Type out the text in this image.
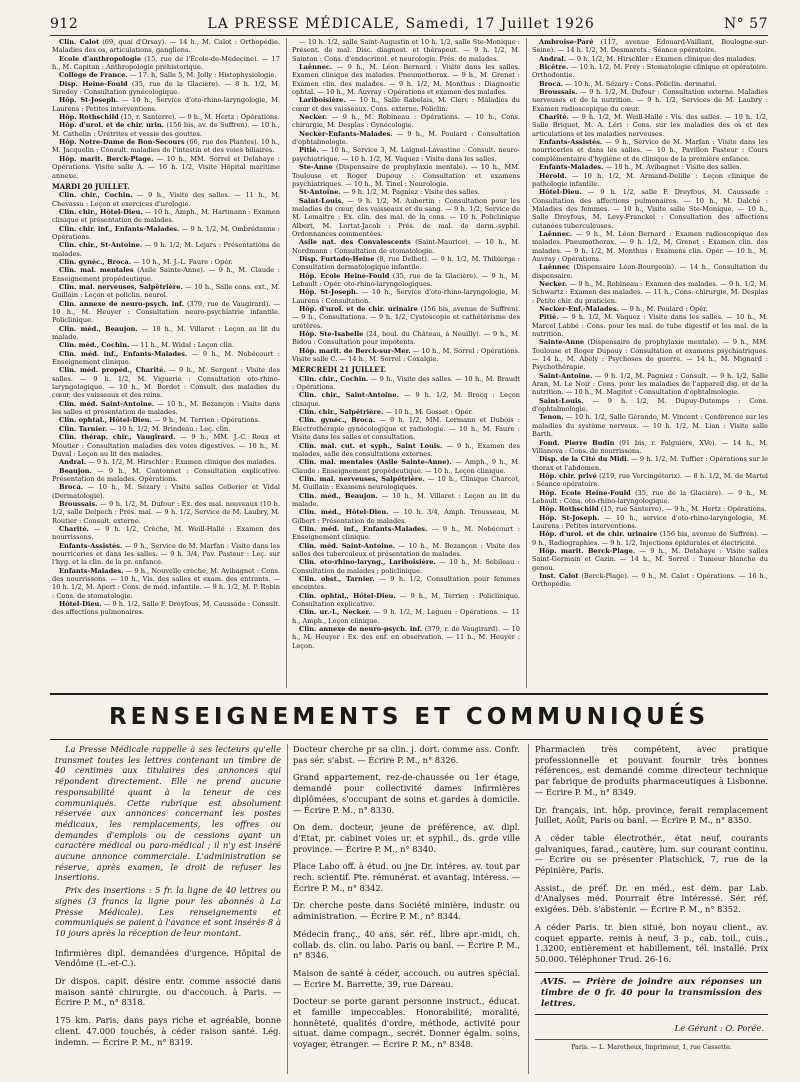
912	LA PRESSE MÉDICALE, Samedi, 17 Juillet 1926	N° 57

Clin. Calot (69, quai d'Orsay). — 14 h., M. Calot : Orthopédie. Maladies des os, articulations, ganglions.

Ecole d'anthropologie (15, rue de l'École-de-Médecine). — 17 h., M. Capitan : Anthropologie préhistorique.

Collège de France. — 17. h, Salle 5, M. Jolly : Histophysiologie.

Disp. Heine-Fould (35, rue de la Glacière). — 8 h. 1/2, M. Siredey : Consultation gynécologique.

Hôp. St-Joseph. — 10 h., Service d'oto-rhino-laryngologie, M. Laurens : Petites interventions.

Hôp. Rothschild (15, r. Santerre). — 9 h., M. Hertz : Opérations.

Hôp. d'urol. et de chir. urin. (156 bis, av. de Suffren). — 10 h., M. Cathelin : Urétrites et vessie des gouttes.

Hôp. Notre-Dame de Bon-Secours (66, rue des Plantes). 10 h., M. Jacquelin : Consult. maladies de l'intestin et des voies biliaires.

Hôp. marit. Berck-Plage. — 10 h., MM. Sorrel et Delahaye : Opérations. Visite salle A. — 16 h. 1/2, Visite Hôpital maritime annexe.

MARDI 20 JUILLET.

Clin. chir., Cochin. — 9 h., Visite des salles. — 11 h., M. Chevassu : Leçon et exercices d'urologie.

Clin. chir., Hôtel-Dieu. — 10 h., Amph., M. Hartmann : Examen clinique et présentation de malades.

Clin. chir. inf., Enfants-Malades. — 9 h. 1/2, M. Ombrédanne : Opérations.

Clin. chir., St-Antoine. — 9 h. 1/2, M. Lejars : Présentations de malades.

Clin. gynéc., Broca. — 10 h., M. J.-L. Faure : Opér.

Clin. mal. mentales (Asile Sainte-Anne). — 9 h., M. Claude : Enseignement propédeutique.

Clin. mal. nerveuses, Salpêtrière. — 10 h., Salle cons. ext., M. Guillain : Leçon et policlin. neurol.

Clin. annexe de neuro-psych. inf. (379, rue de Vaugirard). — 10 h., M. Heuyer : Consultation neuro-psychiatrie infantile. Policlinique.

Clin. méd., Beaujon. — 18 h., M. Villaret : Leçon au lit du malade.

Clin. méd., Cochin. — 11 h., M. Widal : Leçon clin.

Clin. méd. inf., Enfants-Malades. — 9 h., M. Nobécourt : Enseignement clinique.

Clin. méd. propéd., Charité. — 9 h., M. Sergent : Visite des salles. — 9 h. 1/2, M. Viguerie : Consultation oto-rhino-laryngologique. — 10 h., M. Bordet : Consult. des maladies du cœur, des vaisseaux et des reins.

Clin. méd. Saint-Antoine. — 10 h., M. Bezançon : Visite dans les salles et présentation de malades.

Clin. ophtal., Hôtel-Dieu. — 9 h., M. Terrien : Opérations.

Clin. Tarnier. — 10 h. 1/2, M. Brindeau : Leç. clin.

Clin. thérap. chir., Vaugirard. — 9 h., MM. J.-C. Roux et Moutier : Consultation maladies des voies digestives. — 10 h., M. Duval : Leçon au lit des malades.

Andral. — 9 h. 1/2, M. Hirschler : Examen clinique des malades.

Beaujon. — 9 h., M. Cantonnet : Consultation explicative. Présentation de malades. Opérations.

Broca. — 10 h., M. Sézary : Visite salles Cellerier et Vidal (Dermatologie).

Broussais. — 9 h. 1/2, M. Dufour : Ex. des mal. nouveaux (10 h. 1/2, salle Delpech : Prés. mal. — 9 h. 1/2, Service de M. Laubry, M. Routier : Consult. externe.

Charité. — 9 h. 1/2, Crèche, M. Weill-Hallé : Examen des nourrissons.

Enfants-Assistés. — 9 h., Service de M. Marfan : Visite dans les nourriceries et dans les salles. — 9 h. 3/4, Pav. Pasteur : Leç. sur l'hyg. et la clin. de la pr. enfance.

Enfants-Malades. — 9 h., Nouvelle crèche, M. Avibagnet : Cons. des nourrissons. — 10 h., Vis. des salles et exam. des entrants. — 10 h. 1/2, M. Apert : Cons. de méd. infantile. — 9 h. 1/2, M. P. Robin : Cons. de stomatologie.

Hôtel-Dieu. — 9 h. 1/2, Salle F. Dreyfous, M. Caussade : Consult. des affections pulmonaires.

— 10 h. 1/2, salle Saint-Augustin et 10 h. 1/2, salle Ste-Monique : Présent. de mal. Disc. diagnost. et thérapeut. — 9 h. 1/2, M. Sainton : Cons. d'endocrinol. et neurologie. Prés. de malades.

Laënnec. — 9 h., M. Léon Bernard : Visite dans les salles. Examen clinique des malades. Pneumothorax. — 9 h., M. Grenet : Examen clin. des malades. — 9 h. 1/2, M. Monthus : Diagnostic ophtal. — 10 h., M. Auvray : Opérations et examen des malades.

Lariboisière. — 10 h., Salle Rabelais, M. Clerc : Maladies du cœur et des vaisseaux. Cons. externe. Policlin.

Necker. — 9 h., M. Robineau : Opérations. — 10 h., Cons. chirurgie, M. Desplas : Gynécologie.

Necker-Enfants-Malades. — 9 h., M. Poulard : Consultation d'ophtalmologie.

Pitié. — 10 h., Service 3, M. Laignel-Lavastine : Consult. neuro-psychiatrique. — 10 h. 1/2, M. Vaquez : Visite dans les salles.

Ste-Anne (Dispensaire de prophylaxie mentale). — 10 h., MM. Toulouse et Roger Dupouy : Consultation et examens psychiatriques. — 10 h., M. Tinel : Neurologie.

St-Antoine. — 9 h. 1/2, M. Pagniez : Visite des salles.

Saint-Louis. — 9 h. 1/2, M. Aubertin : Consultation pour les maladies du cœur, des vaisseaux et du sang. — 9 h. 1/2, Service de M. Lemaitre : Ex. clin. des mal. de la cons. — 10 h. Policlinique Albert, M. Lortat-Jacob : Prés. de mal. de derm.-syphil. Ordonnances commentées.

Asile nat. des Convalescents (Saint-Maurice). — 10 h., M. Nordmann : Consultation de stomatologie.

Disp. Furtado-Heine (8, rue Delbet). — 9 h. 1/2, M. Thibierge : Consultation dermatologique infantile.

Hôp. Ecole Heine-Fould (35, rue de la Glacière). — 9 h., M. Lebault : Opér. oto-rhino-laryngologiques.

Hôp. St-Joseph. — 10 h., Service d'oto-rhino-laryngologie, M. Laurens : Consultation.

Hôp. d'urol. et de chir. urinaire (156 bis, avenue de Suffren). — 9 h., Consultations. — 9 h. 1/2, Cystoscopie et cathétérisme des urétères.

Hôp. Ste-Isabelle (24, boul. du Château, à Neuilly). — 9 h., M. Bidou : Consultation pour impotents.

Hôp. marit. de Berck-sur-Mer. — 10 h., M. Sorrel : Opérations. Visite salle C. — 14 h., M. Sorrel : Coxalgie.

MERCREDI 21 JUILLET.

Clin. chir., Cochin. — 9 h., Visite des salles. — 10 h., M. Braudt : Opérations.

Clin. chir., Saint-Antoine. — 9 h. 1/2, M. Brocq : Leçon clinique.

Clin. chir., Salpêtrière. — 10 h., M. Gosset : Opér.

Clin. gynéc., Broca. — 9 h. 1/2, MM. Lermann et Dubois : Électrothérapie gynécologique et radiologie. — 10 h., M. Faure : Visite dans les salles et consultation.

Clin. mal. cut. et syph., Saint Louis. — 9 h., Examen des malades, salle des consultations externes.

Clin. mal. mentales (Asile Sainte-Anne). — Amph., 9 h., M. Claude : Enseignement propédeutique. — 10 h., Leçon clinique.

Clin. mal. nerveuses, Salpêtrière. — 10 h., Clinique Charcot, M. Guillain : Examens neurologiques.

Clin. méd., Beaujon. — 10 h., M. Villaret : Leçon au lit du malade.

Clin. méd., Hôtel-Dieu. — 10 h. 3/4, Amph. Trousseau, M. Gilbert : Présentation de malades.

Clin. méd. inf., Enfants-Malades. — 9 h., M. Nobécourt : Enseignement clinique.

Clin. méd. Saint-Antoine. — 10 h., M. Bezançon : Visite des salles des tuberculeux et présentation de malades.

Clin. oto-rhino-laryng., Lariboisière. — 10 h., M. Sebileau : Consultation de malades ; policlinique.

Clin. obst., Tarnier. — 9 h. 1/2, Consultation pour femmes enceintes.

Clin. ophtal., Hôtel-Dieu. — 9 h., M. Terrien : Policlinique. Consultation explicative.

Clin. ur.-l., Necker. — 9 h. 1/2, M. Legueu : Opérations. — 11 h., Amph., Leçon clinique.

Clin. annexe de neuro-psych. inf. (379, r. de Vaugirard). — 10 h., M. Heuyer : Ex. des enf. en observation. — 11 h., M. Heuyer : Leçon.

Ambroise-Paré (117, avenue Édouard-Vaillant, Boulogne-sur-Seine). — 14 h. 1/2, M. Desmarets : Séance opératoire.

Andral. — 9 h. 1/2, M. Hirschler : Examen clinique des malades.

Bicêtre. — 10 h. 1/2, M. Frey : Stomatologie clinique et opératoire. Orthodontie.

Broca. — 10 h., M. Sézary : Cons. Policlin. dermatol.

Broussais. — 9 h. 1/2, M. Dufour : Consultation externe. Maladies nerveuses et de la nutrition. — 9 h. 1/2, Services de M. Laubry : Examen radioscopique du cœur.

Charité. — 9 h. 1/2, M. Weill-Hallé : Vis. des salles. — 10 h. 1/2, Salle Briquet, M. A. Léri : Cons. sur les maladies des os et des articulations et les maladies nerveuses.

Enfants-Assistés. — 9 h., Service de M. Marfan : Visite dans les nourriceries et dans les salles. — 10 h., Pavillon Pasteur : Cours complémentaire d'hygiène et de clinique de la première enfance.

Enfants-Malades. — 10 h., M. Avibagnet : Visite des salles.

Hérold. — 10 h. 1/2, M. Armand-Delille : Leçon clinique de pathologie infantile.

Hôtel-Dieu. — 9 h. 1/2, salle F. Dreyfous, M. Caussade : Consultation des affections pulmonaires. — 10 h., M. Dalché : Maladies des femmes. — 10 h., Visite salle Ste-Monique. — 10 h., Salle Dreyfous, M. Levy-Franckel : Consultation des affections cutanées tuberculeuses.

Laënnec. — 9 h., M. Léon Bernard : Examen radioscopique des malades. Pneumothorax. — 9 h. 1/2, M. Grenet : Examen clin. des malades. — 9 h. 1/2, M. Monthus : Examens clin. Opér. — 10 h., M. Auvray : Opérations.

Laënnec (Dispensaire Léon-Bourgeois). — 14 h., Consultation du dispensaire.

Necker. — 9 h., M. Robineau : Examen des malades. — 9 h. 1/2, M. Schwartz : Examen des malades. — 11 h., Cons. chirurgie, M. Desplas : Petite chir. du praticien.

Necker-Enf.-Malades. — 9 h., M. Poulard : Opér.

Pitié. — 9 h. 1/2, M. Vaquez : Visite dans les salles. — 10 h., M. Marcel Labbé : Cons. pour les mal. de tube digestif et les mal. de la nutrition.

Sainte-Anne (Dispensaire de prophylaxie mentale). — 9 h., MM. Toulouse et Roger Dupouy : Consultation et examens psychiatriques. — 14 h., M. Abely : Psychoses de guerre. — 14 h., M. Mignard : Psychothérapie.

Saint-Antoine. — 9 h. 1/2, M. Pagniez : Consult. — 9 h. 1/2, Salle Aran, M. Le Noir : Cons. pour les maladies de l'appareil dig. et de la nutrition. — 10 h., M. Magitot : Consultation d'ophtalmologie.

Saint-Louis. — 9 h. 1/2, M. Dupuy-Dutemps : Cons. d'ophtalmologie.

Tenon. — 10 h. 1/2, Salle Gérando, M. Vincent : Conférence sur les maladies du système nerveux. — 10 h. 1/2, M. Lian : Visite salle Barth.

Fond. Pierre Budin (91 bis, r. Falguière, XVe). — 14 h., M. Villanova : Cons. de nourrissons.

Disp. de la Cité du Midi. — 9 h. 1/2, M. Tuffier : Opérations sur le thorax et l'abdomen.

Hôp. chir. privé (219, rue Vercingétorix). — 8 h. 1/2, M. de Martel : Séance opératoire.

Hôp. Ecole Heine-Fould (35, rue de la Glacière). — 9 h., M. Lebault : Cons. oto-rhino-laryngologique.

Hôp. Rothschild (15, rue Santerre). — 9 h., M. Hertz : Opérations.

Hôp. St-Joseph. — 10 h., service d'oto-rhino-laryngologie, M. Laurens : Petites interventions.

Hôp. d'urol. et de chir. urinaire (156 bis, avenue de Suffren). — 9 h., Radiographies. — 9 h. 1/2, Injections épidurales et électricité.

Hôp. marit. Berck-Plage. — 9 h., M. Delahaye : Visite salles Saint-Germain et Cazin. — 14 h., M. Sorrel : Tumeur blanche du genou.

Inst. Calot (Berck-Plage). — 9 h., M. Calot : Opérations. — 16 h., Orthopédie.

RENSEIGNEMENTS ET COMMUNIQUÉS

La Presse Médicale rappelle à ses lecteurs qu'elle transmet toutes les lettres contenant un timbre de 40 centimes aux titulaires des annonces qui répondent directement. Elle ne prend aucune responsabilité quant à la teneur de ces communiqués. Cette rubrique est absolument réservée aux annonces concernant les postes médicaux, les remplacements, les offres ou demandes d'emplois ou de cessions ayant un caractère médical ou para-médical ; il n'y est inséré aucune annonce commerciale. L'administration se réserve, après examen, le droit de refuser les insertions.

Prix des insertions : 5 fr. la ligne de 40 lettres ou signes (3 francs la ligne pour les abonnés à La Presse Médicale). Les renseignements et communiqués se paient à l'avance et sont insérés 8 à 10 jours après la réception de leur montant.

Infirmières dipl. demandées d'urgence. Hôpital de Vendôme (L.-et-C.).

Dr dispos. capit. désire entr. comme associé dans maison santé chirurgie. ou d'accouch. à Paris. — Écrire P. M., n° 8318.

175 km. Paris, dans pays riche et agréable, bonne client. 47.000 touchés, à céder raison santé. Lég. indemn. — Écrire P. M., n° 8319.

Docteur cherche pr sa clin. j. dort. comme ass. Confr. pas sér. s'abst. — Écrire P. M., n° 8326.

Grand appartement, rez-de-chaussée ou 1er étage, demandé pour collectivité dames infirmières diplômées, s'occupant de soins et gardes à domicile. — Écrire P. M., n° 8330.

On dem. docteur, jeune de préférence, av. dipl. d'Etat, pr. cabinet voies ur. et syphil., ds. grde ville province. — Écrire P. M., n° 8340.

Place Labo off. à étud. ou jne Dr. intéres. av. tout par rech. scientif. Pte. rémunérat. et avantag. intéress. — Écrire P. M., n° 8342.

Dr. cherche poste dans Société minière, industr. ou administration. — Écrire P. M., n° 8344.

Médecin franç., 40 ans, sér. réf., libre apr.-midi, ch. collab. ds. clin. ou labo. Paris ou banl. — Écrire P. M., n° 8346.

Maison de santé à céder, accouch. ou autres spécial. — Écrire M. Barrette, 39, rue Dareau.

Docteur se porte garant personne instruct., éducat. et famille impeccables. Honorabilité, moralité, honnêteté, qualités d'ordre, méthode, activité pour situat. dame compagn., secrét. Donner égalm. soins, voyager, étranger. — Écrire P. M., n° 8348.

Pharmacien très compétent, avec pratique professionnelle et pouvant fournir très bonnes références, est demandé comme directeur technique par fabrique de produits pharmaceutiques à Lisbonne. — Écrire P. M., n° 8349.

Dr. français, int. hôp. province, ferait remplacement Juillet, Août, Paris ou banl. — Écrire P. M., n° 8350.

A céder table électrothér., état neuf, courants galvaniques, farad., cautère, lum. sur courant continu. — Écrire ou se présenter Platschick, 7, rue de la Pépinière, Paris.

Assist., de préf. Dr. en méd., est dem. par Lab. d'Analyses méd. Pourrait être intéressé. Sér. réf. exigées. Déb. s'abstenir. — Écrire P. M., n° 8352.

A céder Paris. tr. bien situé, bon noyau client., av. coquet apparte. remis à neuf, 3 p., cab. toil., cuis., 1.3200, entièrement et habillement, tél. installé. Prix 50.000. Téléphoner Trud. 26-16.

AVIS. — Prière de joindre aux réponses un timbre de 0 fr. 40 pour la transmission des lettres.

Le Gérant : O. Porée.
Paris. — L. Maretheux, Imprimeur, 1, rue Cassette.
